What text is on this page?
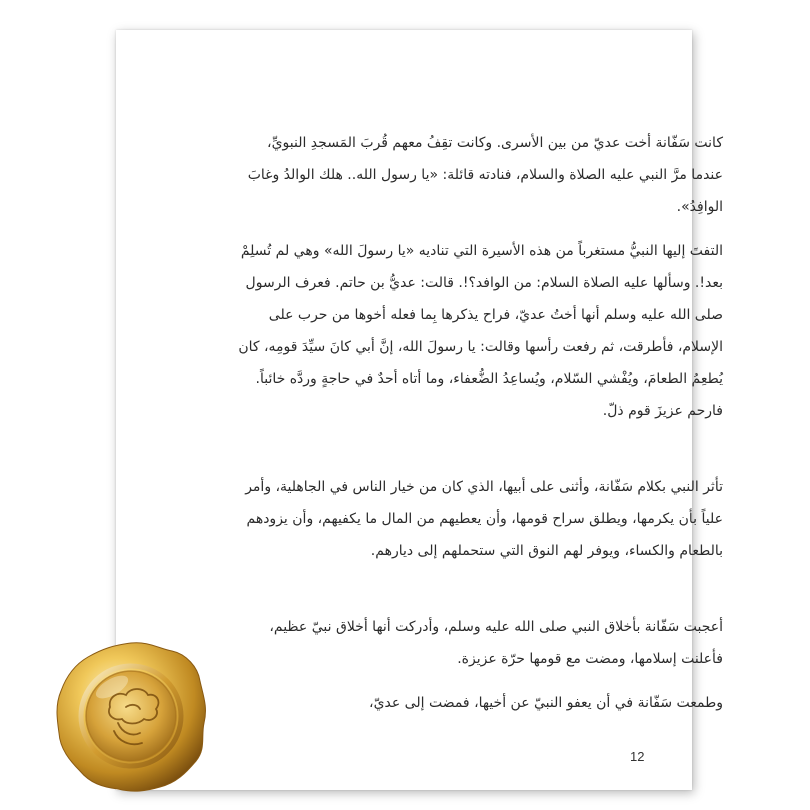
كانت سَفّانة أخت عديّ من بين الأسرى. وكانت تقِفُ معهم قُربَ المَسجدِ النبويِّ، عندما مرَّ النبي عليه الصلاة والسلام، فنادته قائلة: «يا رسول الله.. هلك الوالدُ وغابَ الوافِدُ».

التفتَ إليها النبيُّ مستغرباً من هذه الأسيرة التي تناديه «يا رسولَ الله» وهي لم تُسلِمْ بعد!. وسألها عليه الصلاة السلام: من الوافد؟!. قالت: عديُّ بن حاتم. فعرف الرسول صلى الله عليه وسلم أنها أختُ عديّ، فراح يذكرها بِما فعله أخوها من حرب على الإسلام، فأطرقت، ثم رفعت رأسها وقالت: يا رسولَ الله، إنَّ أبي كانَ سيِّدَ قومِه، كان يُطعِمُ الطعامَ، ويُفْشي السّلام، ويُساعِدُ الضُّعفاء، وما أتاه أحدٌ في حاجةٍ وردَّه خائباً. فارحم عزيزَ قوم ذلّ.

تأثر النبي بكلام سَفّانة، وأثنى على أبيها، الذي كان من خيار الناس في الجاهلية، وأمر علياً بأن يكرمها، ويطلق سراح قومها، وأن يعطيهم من المال ما يكفيهم، وأن يزودهم بالطعام والكساء، ويوفر لهم النوق التي ستحملهم إلى ديارهم.

أعجبت سَفّانة بأخلاق النبي صلى الله عليه وسلم، وأدركت أنها أخلاق نبيّ عظيم، فأعلنت إسلامها، ومضت مع قومها حرّة عزيزة.

وطمعت سَفّانة في أن يعفو النبيّ عن أخيها، فمضت إلى عديّ،

12
